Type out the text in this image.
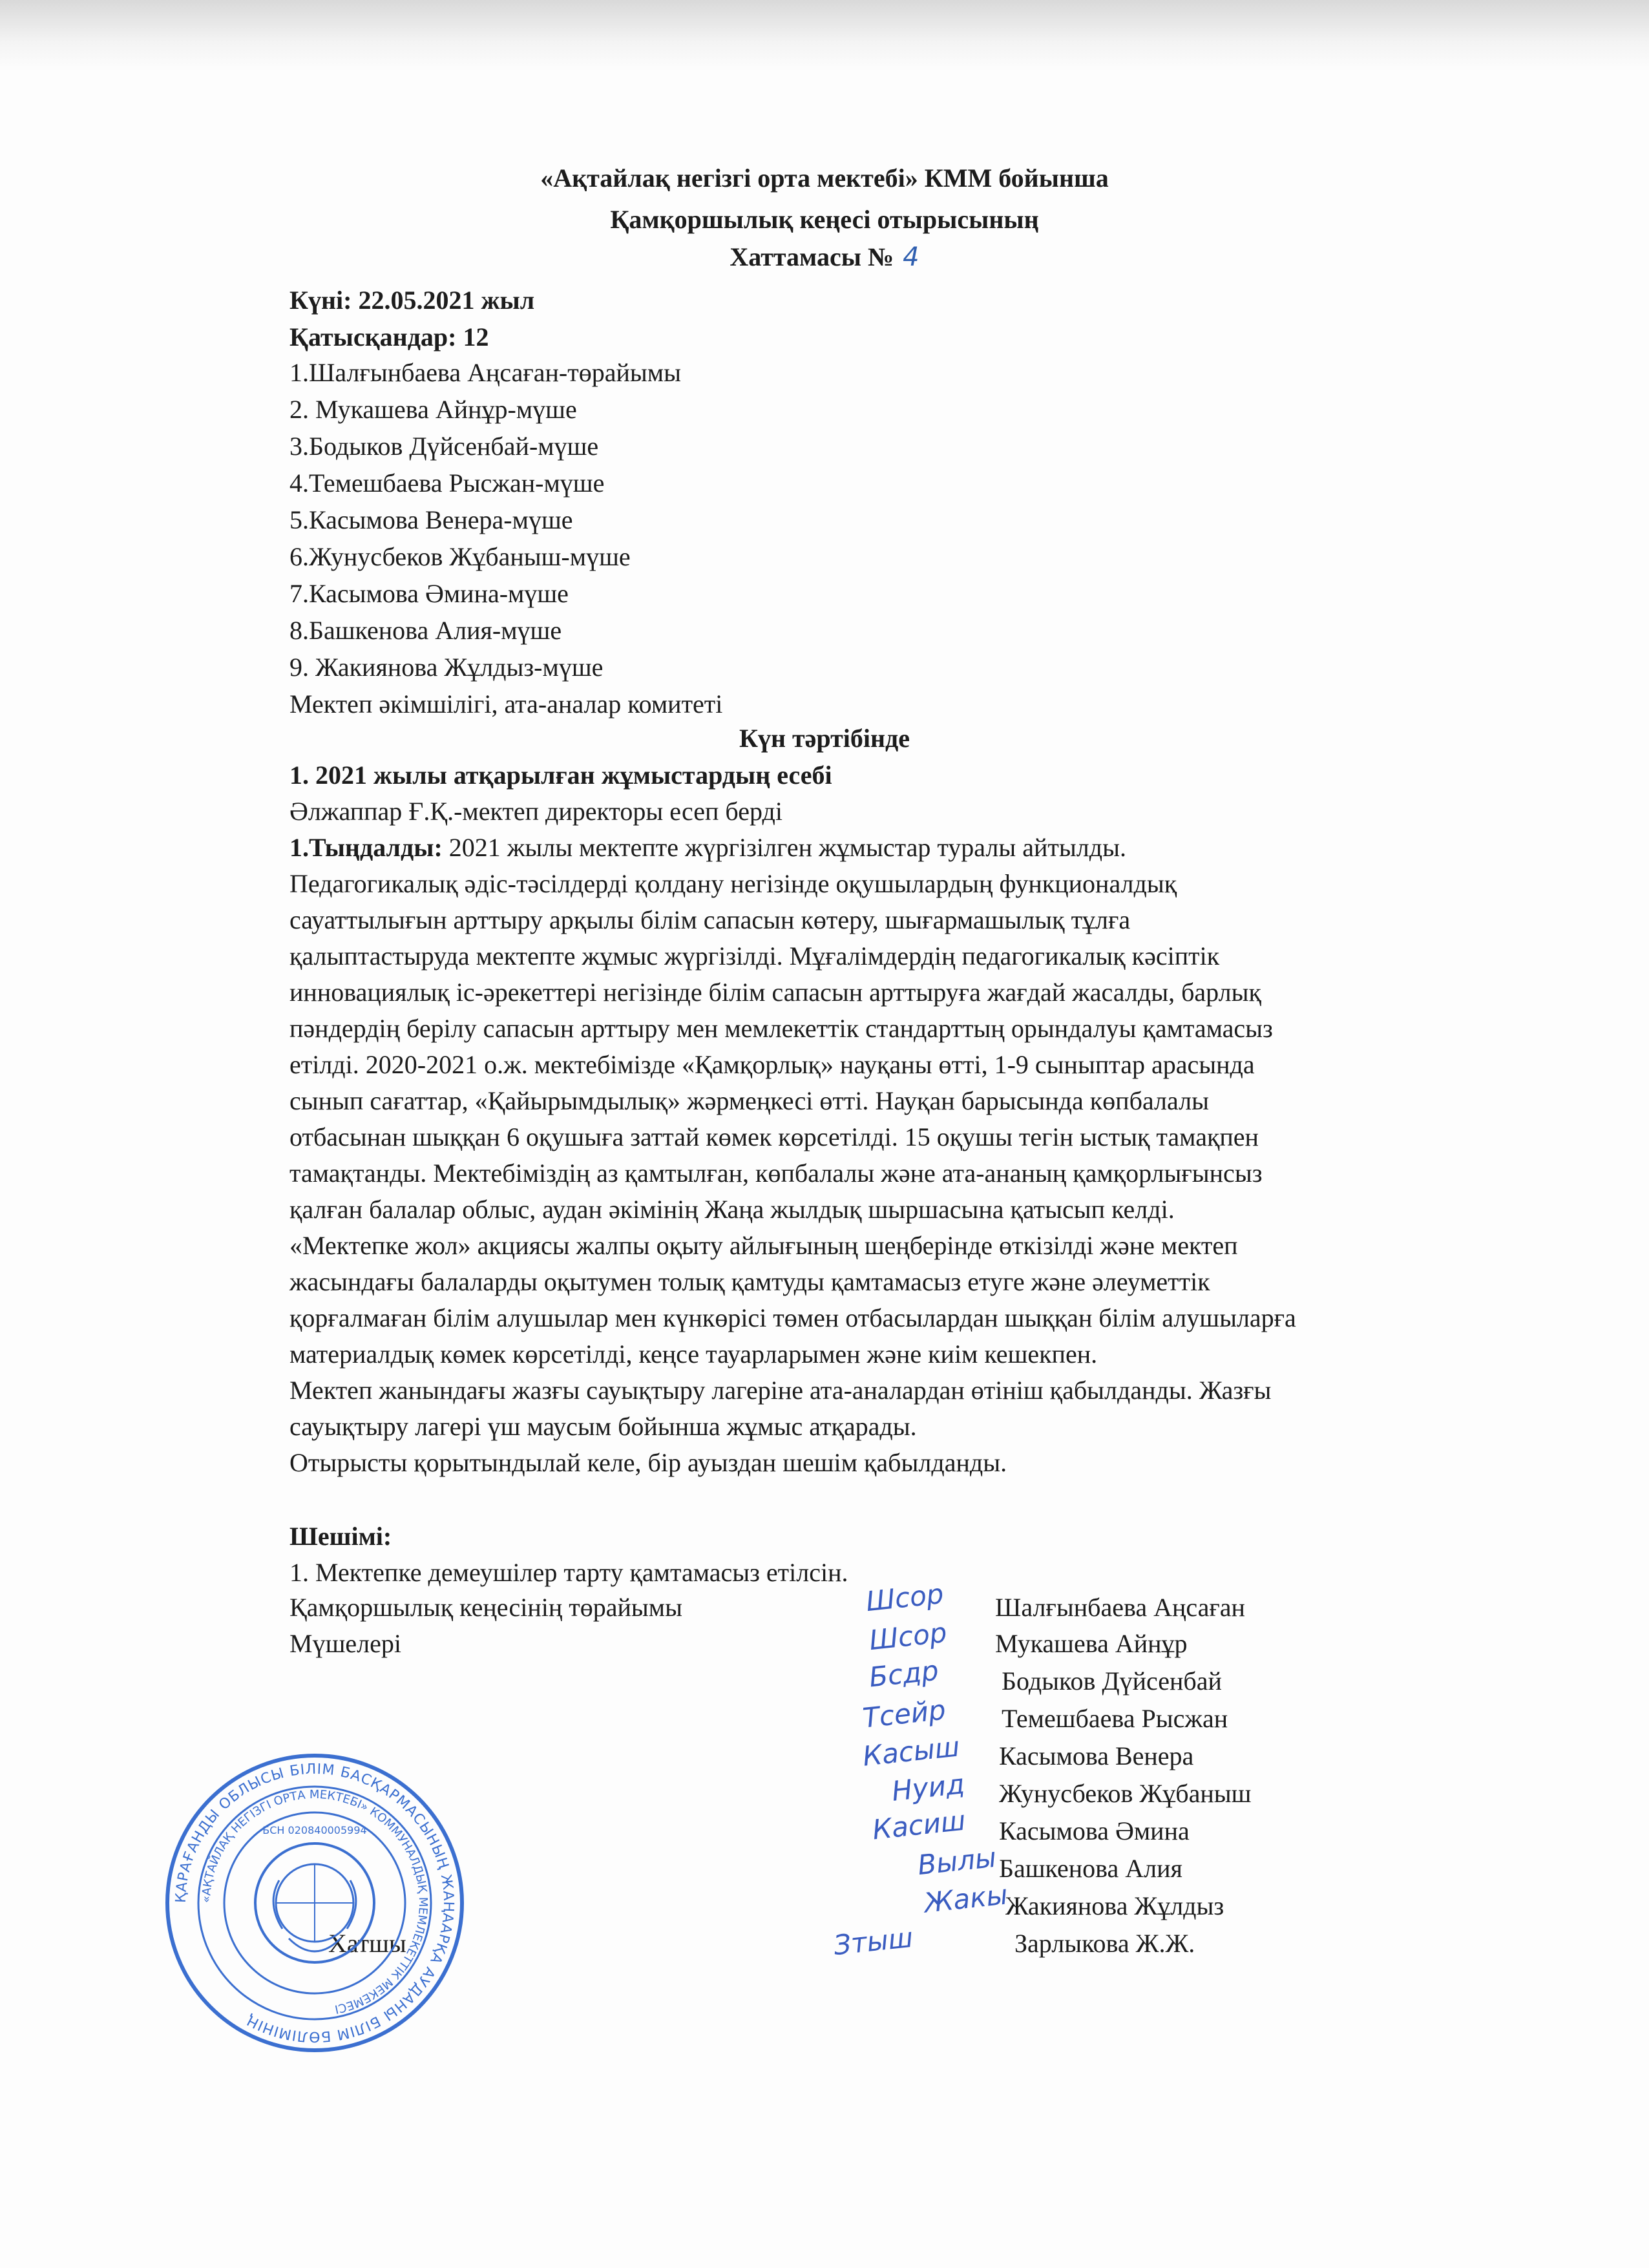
«Ақтайлақ негізгі орта мектебі» КММ бойынша
Қамқоршылық кеңесі отырысының
Хаттамасы № 4
Күні: 22.05.2021 жыл
Қатысқандар: 12
1.Шалғынбаева Аңсаған-төрайымы
2. Мукашева Айнұр-мүше
3.Бодыков Дүйсенбай-мүше
4.Темешбаева Рысжан-мүше
5.Касымова Венера-мүше
6.Жунусбеков Жұбаныш-мүше
7.Касымова Әмина-мүше
8.Башкенова Алия-мүше
9. Жакиянова Жұлдыз-мүше
Мектеп әкімшілігі, ата-аналар комитеті
Күн тәртібінде
1. 2021 жылы атқарылған жұмыстардың есебі
Әлжаппар Ғ.Қ.-мектеп директоры есеп берді
1.Тыңдалды: 2021 жылы мектепте жүргізілген жұмыстар туралы айтылды.
Педагогикалық әдіс-тәсілдерді қолдану негізінде оқушылардың функционалдық
сауаттылығын арттыру арқылы білім сапасын көтеру, шығармашылық тұлға
қалыптастыруда мектепте жұмыс жүргізілді. Мұғалімдердің педагогикалық кәсіптік
инновациялық іс-әрекеттері негізінде білім сапасын арттыруға жағдай жасалды, барлық
пәндердің берілу сапасын арттыру мен мемлекеттік стандарттың орындалуы қамтамасыз
етілді. 2020-2021 о.ж. мектебімізде «Қамқорлық» науқаны өтті, 1-9 сыныптар арасында
сынып сағаттар, «Қайырымдылық» жәрмеңкесі өтті. Науқан барысында көпбалалы
отбасынан шыққан 6 оқушыға заттай көмек көрсетілді. 15 оқушы тегін ыстық тамақпен
тамақтанды. Мектебіміздің аз қамтылған, көпбалалы және ата-ананың қамқорлығынсыз
қалған балалар облыс, аудан әкімінің Жаңа жылдық шыршасына қатысып келді.
«Мектепке жол» акциясы жалпы оқыту айлығының шеңберінде өткізілді және мектеп
жасындағы балаларды оқытумен толық қамтуды қамтамасыз етуге және әлеуметтік
қорғалмаған білім алушылар мен күнкөрісі төмен отбасылардан шыққан білім алушыларға
материалдық көмек көрсетілді, кеңсе тауарларымен және киім кешекпен.
Мектеп жанындағы жазғы сауықтыру лагеріне ата-аналардан өтініш қабылданды. Жазғы
сауықтыру лагері үш маусым бойынша жұмыс атқарады.
Отырысты қорытындылай келе, бір ауыздан шешім қабылданды.
Шешімі:
1. Мектепке демеушілер тарту қамтамасыз етілсін.
Қамқоршылық кеңесінің төрайымы
Мүшелері
Шалғынбаева Аңсаған
Мукашева Айнұр
Бодыков Дүйсенбай
Темешбаева Рысжан
Касымова Венера
Жунусбеков Жұбаныш
Касымова Әмина
Башкенова Алия
Жакиянова Жұлдыз
Зарлыкова Ж.Ж.
Хатшы
Шсор
Шсор
Бсдр
Тсейр
Касыш
Нуид
Касиш
Вылы
Жакы
Зтыш
ҚАРАҒАНДЫ ОБЛЫСЫ БІЛІМ БАСҚАРМАСЫНЫҢ ЖАҢААРҚА АУДАНЫ БІЛІМ БӨЛІМІНІҢ
«АҚТАЙЛАҚ НЕГІЗГІ ОРТА МЕКТЕБІ» КОММУНАЛДЫҚ МЕМЛЕКЕТТІК МЕКЕМЕСІ
БСН 020840005994
